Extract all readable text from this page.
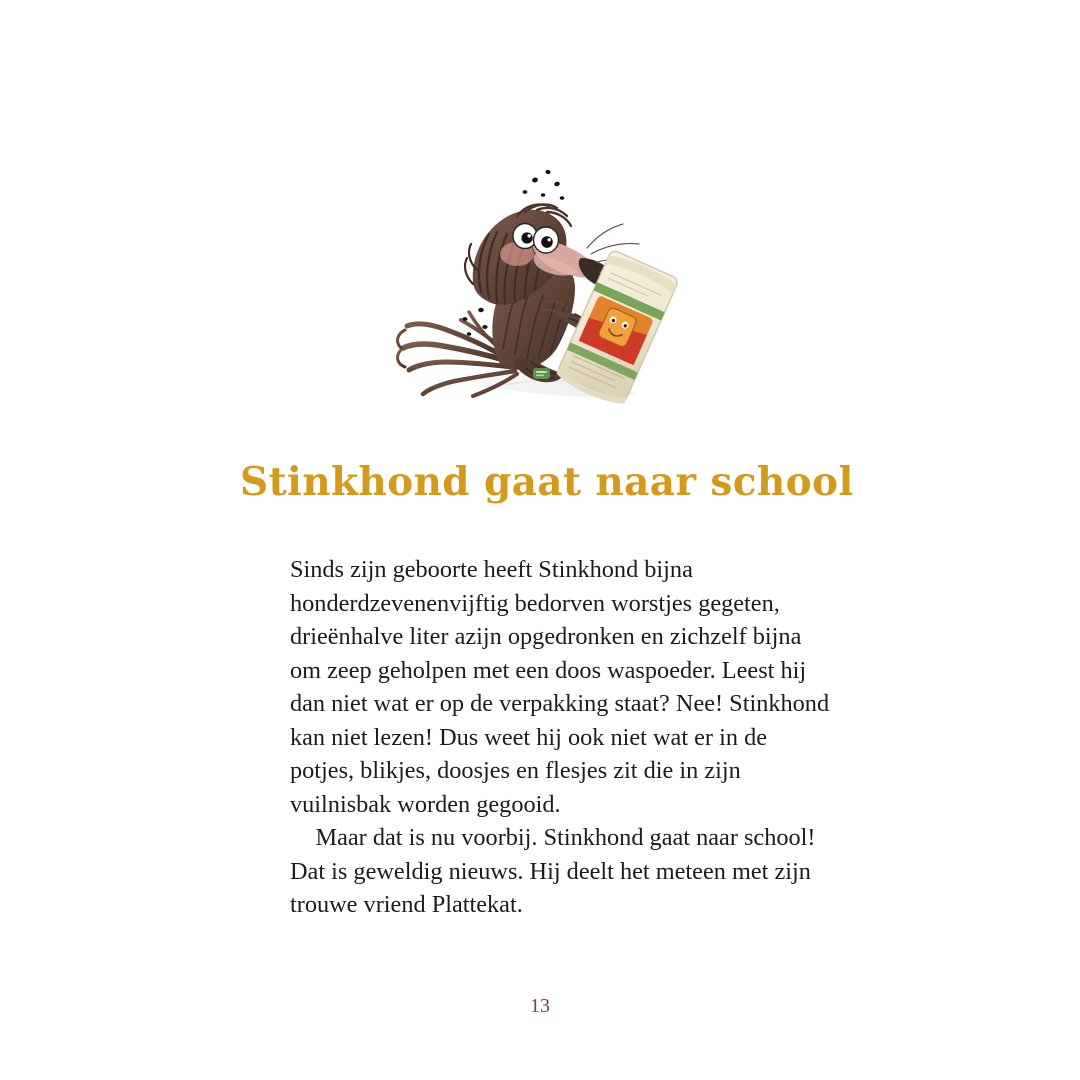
Stinkhond gaat naar school

Sinds zijn geboorte heeft Stinkhond bijna honderdzevenenvijftig bedorven worstjes gegeten, drieënhalve liter azijn opgedronken en zichzelf bijna om zeep geholpen met een doos waspoeder. Leest hij dan niet wat er op de verpakking staat? Nee! Stinkhond kan niet lezen! Dus weet hij ook niet wat er in de potjes, blikjes, doosjes en flesjes zit die in zijn vuilnisbak worden gegooid.

Maar dat is nu voorbij. Stinkhond gaat naar school! Dat is geweldig nieuws. Hij deelt het meteen met zijn trouwe vriend Plattekat.

13
